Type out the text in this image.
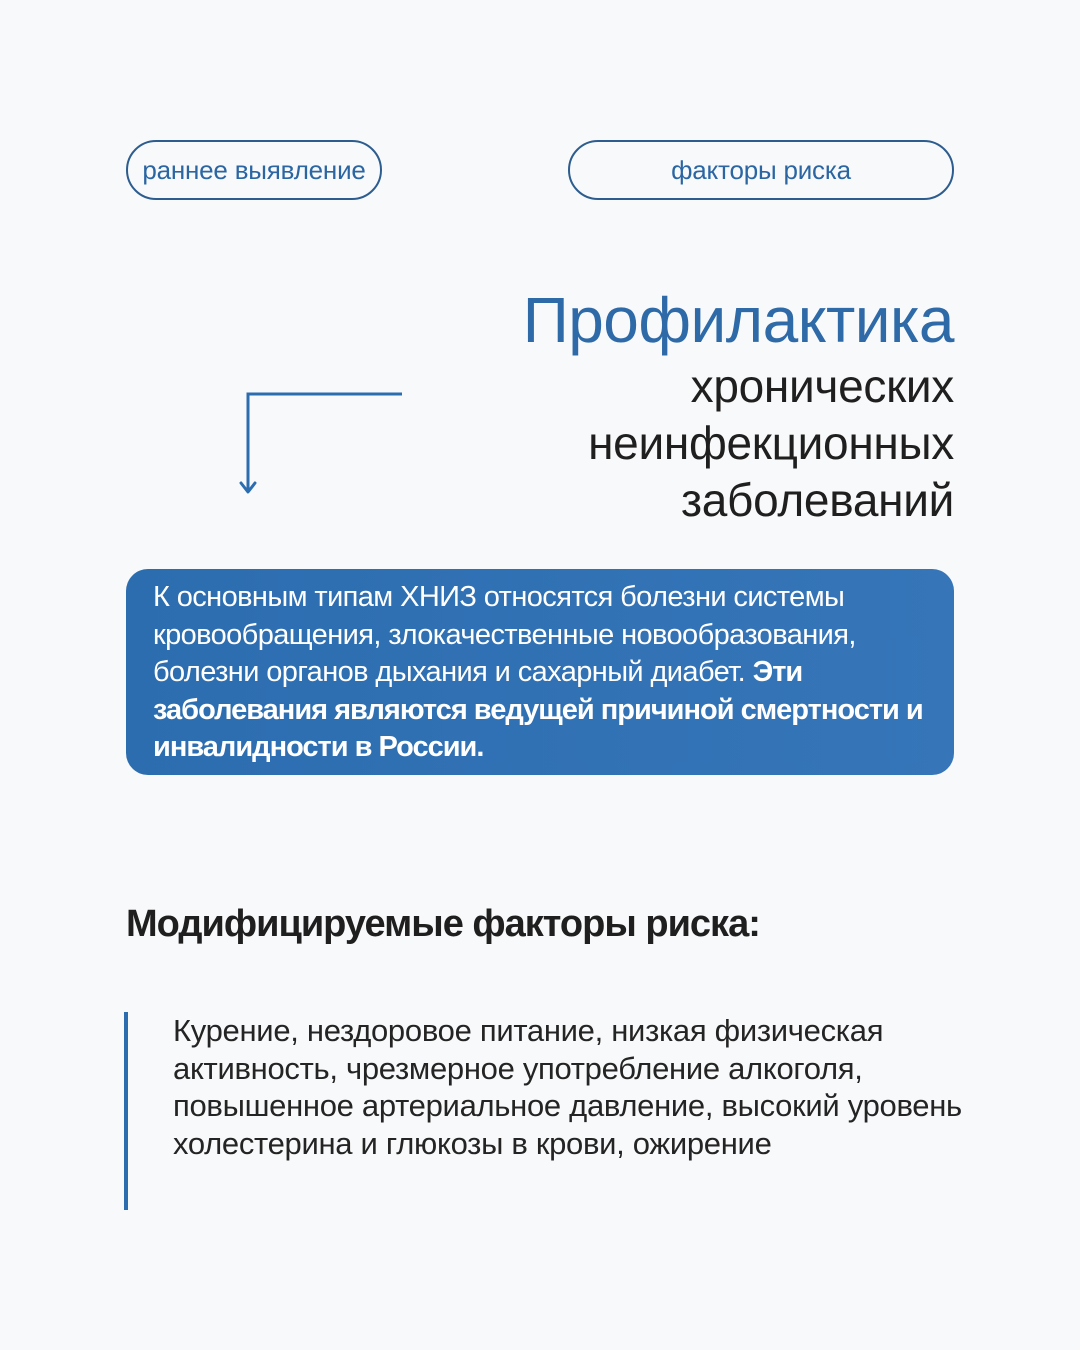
раннее выявление	факторы риска
Профилактика
хронических
неинфекционных
заболеваний
К основным типам ХНИЗ относятся болезни системы кровообращения, злокачественные новообразования, болезни органов дыхания и сахарный диабет. Эти заболевания являются ведущей причиной смертности и инвалидности в России.
Модифицируемые факторы риска:
Курение, нездоровое питание, низкая физическая активность, чрезмерное употребление алкоголя, повышенное артериальное давление, высокий уровень холестерина и глюкозы в крови, ожирение
